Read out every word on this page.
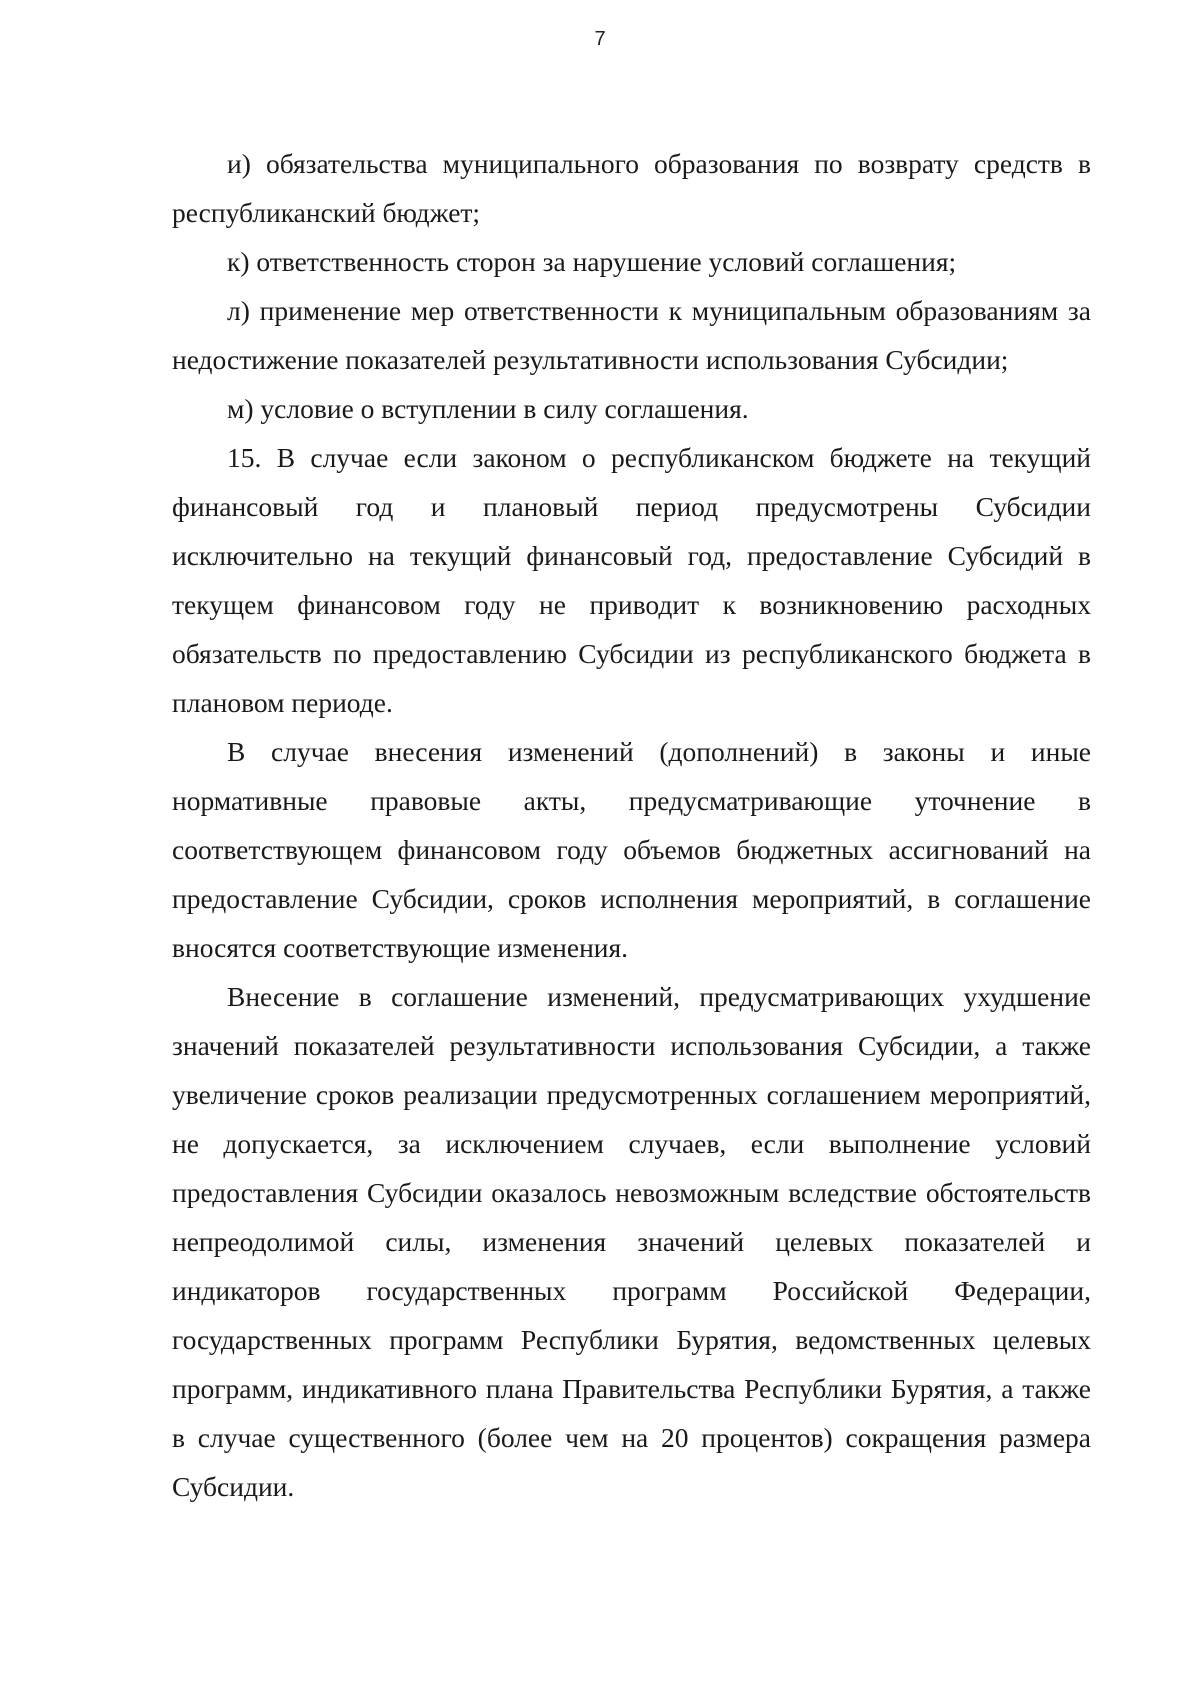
7

и) обязательства муниципального образования по возврату средств в республиканский бюджет;

к) ответственность сторон за нарушение условий соглашения;

л) применение мер ответственности к муниципальным образованиям за недостижение показателей результативности использования Субсидии;

м) условие о вступлении в силу соглашения.

15. В случае если законом о республиканском бюджете на текущий финансовый год и плановый период предусмотрены Субсидии исключительно на текущий финансовый год, предоставление Субсидий в текущем финансовом году не приводит к возникновению расходных обязательств по предоставлению Субсидии из республиканского бюджета в плановом периоде.

В случае внесения изменений (дополнений) в законы и иные нормативные правовые акты, предусматривающие уточнение в соответствующем финансовом году объемов бюджетных ассигнований на предоставление Субсидии, сроков исполнения мероприятий, в соглашение вносятся соответствующие изменения.

Внесение в соглашение изменений, предусматривающих ухудшение значений показателей результативности использования Субсидии, а также увеличение сроков реализации предусмотренных соглашением мероприятий, не допускается, за исключением случаев, если выполнение условий предоставления Субсидии оказалось невозможным вследствие обстоятельств непреодолимой силы, изменения значений целевых показателей и индикаторов государственных программ Российской Федерации, государственных программ Республики Бурятия, ведомственных целевых программ, индикативного плана Правительства Республики Бурятия, а также в случае существенного (более чем на 20 процентов) сокращения размера Субсидии.
